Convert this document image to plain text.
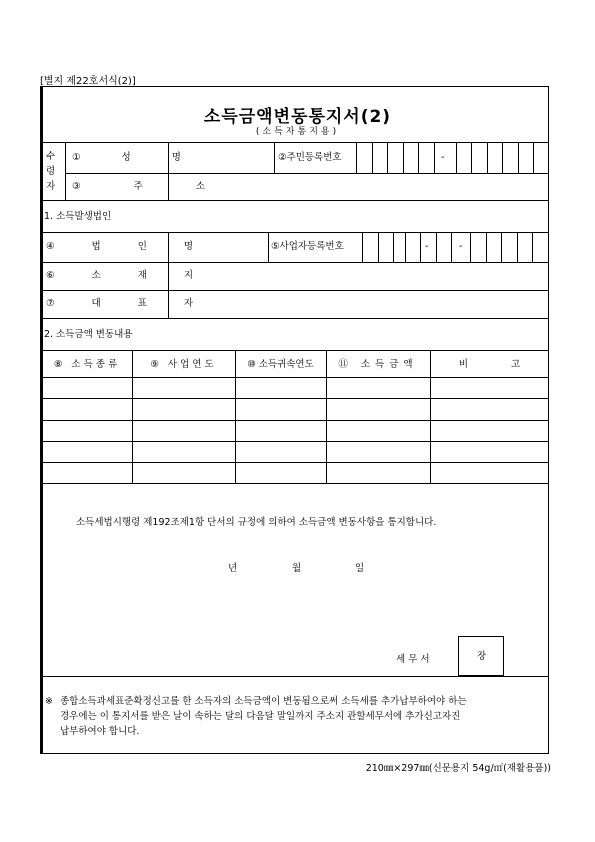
[별지 제22호서식(2)]
소득금액변동통지서(2)
(소득자통지용)
수
령
자
① 성 명	②주민등록번호	-
③ 주 소
1. 소득발생법인
④ 법 인 명	⑤사업자등록번호	-	-
⑥ 소 재 지
⑦ 대 표 자
2. 소득금액 변동내용
⑧ 소득종류	⑨ 사업연도	⑩ 소득귀속연도	⑪ 소득금액	비 고
소득세법시행령 제192조제1항 단서의 규정에 의하여 소득금액 변동사항을 통지합니다.
년	월	일
세 무 서	장
※ 종합소득과세표준확정신고를 한 소득자의 소득금액이 변동됨으로써 소득세를 추가납부하여야 하는
경우에는 이 통지서를 받은 날이 속하는 달의 다음달 말일까지 주소지 관할세무서에 추가신고자진
납부하여야 합니다.
210㎜×297㎜(신문용지 54g/㎡(재활용품))
